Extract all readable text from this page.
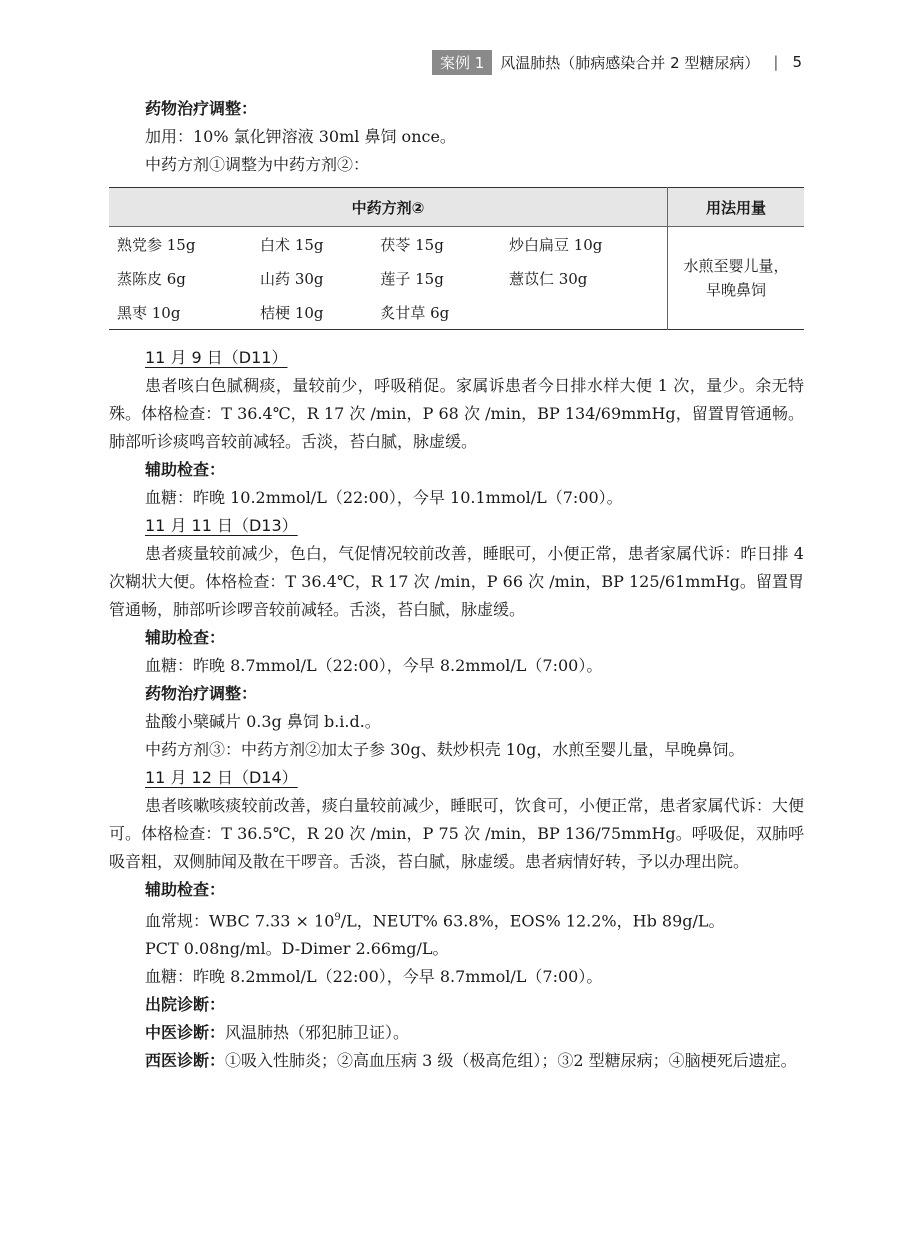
案例 1	风温肺热（肺病感染合并 2 型糖尿病） | 5

药物治疗调整：

加用：10% 氯化钾溶液 30ml 鼻饲 once。

中药方剂①调整为中药方剂②：

中药方剂②				用法用量
熟党参 15g	白术 15g	茯苓 15g	炒白扁豆 10g	水煎至婴儿量，
早晚鼻饲

蒸陈皮 6g	山药 30g	莲子 15g	薏苡仁 30g	
黑枣 10g	桔梗 10g	炙甘草 6g		

11 月 9 日（D11）

患者咳白色腻稠痰，量较前少，呼吸稍促。家属诉患者今日排水样大便 1 次，量少。余无特殊。体格检查：T 36.4℃，R 17 次 /min，P 68 次 /min，BP 134/69mmHg，留置胃管通畅。肺部听诊痰鸣音较前减轻。舌淡，苔白腻，脉虚缓。

辅助检查：

血糖：昨晚 10.2mmol/L（22:00），今早 10.1mmol/L（7:00）。

11 月 11 日（D13）

患者痰量较前减少，色白，气促情况较前改善，睡眠可，小便正常，患者家属代诉：昨日排 4 次糊状大便。体格检查：T 36.4℃，R 17 次 /min，P 66 次 /min，BP 125/61mmHg。留置胃管通畅，肺部听诊啰音较前减轻。舌淡，苔白腻，脉虚缓。

辅助检查：

血糖：昨晚 8.7mmol/L（22:00），今早 8.2mmol/L（7:00）。

药物治疗调整：

盐酸小檗碱片 0.3g 鼻饲 b.i.d.。

中药方剂③：中药方剂②加太子参 30g、麸炒枳壳 10g，水煎至婴儿量，早晚鼻饲。

11 月 12 日（D14）

患者咳嗽咳痰较前改善，痰白量较前减少，睡眠可，饮食可，小便正常，患者家属代诉：大便可。体格检查：T 36.5℃，R 20 次 /min，P 75 次 /min，BP 136/75mmHg。呼吸促，双肺呼吸音粗，双侧肺闻及散在干啰音。舌淡，苔白腻，脉虚缓。患者病情好转，予以办理出院。

辅助检查：

血常规：WBC $7.33 \times 10^9/L$，NEUT% 63.8%，EOS% 12.2%，Hb 89g/L。

PCT 0.08ng/ml。D-Dimer 2.66mg/L。

血糖：昨晚 8.2mmol/L（22:00），今早 8.7mmol/L（7:00）。

出院诊断：

中医诊断：风温肺热（邪犯肺卫证）。

西医诊断：①吸入性肺炎；②高血压病 3 级（极高危组）；③2 型糖尿病；④脑梗死后遗症。
